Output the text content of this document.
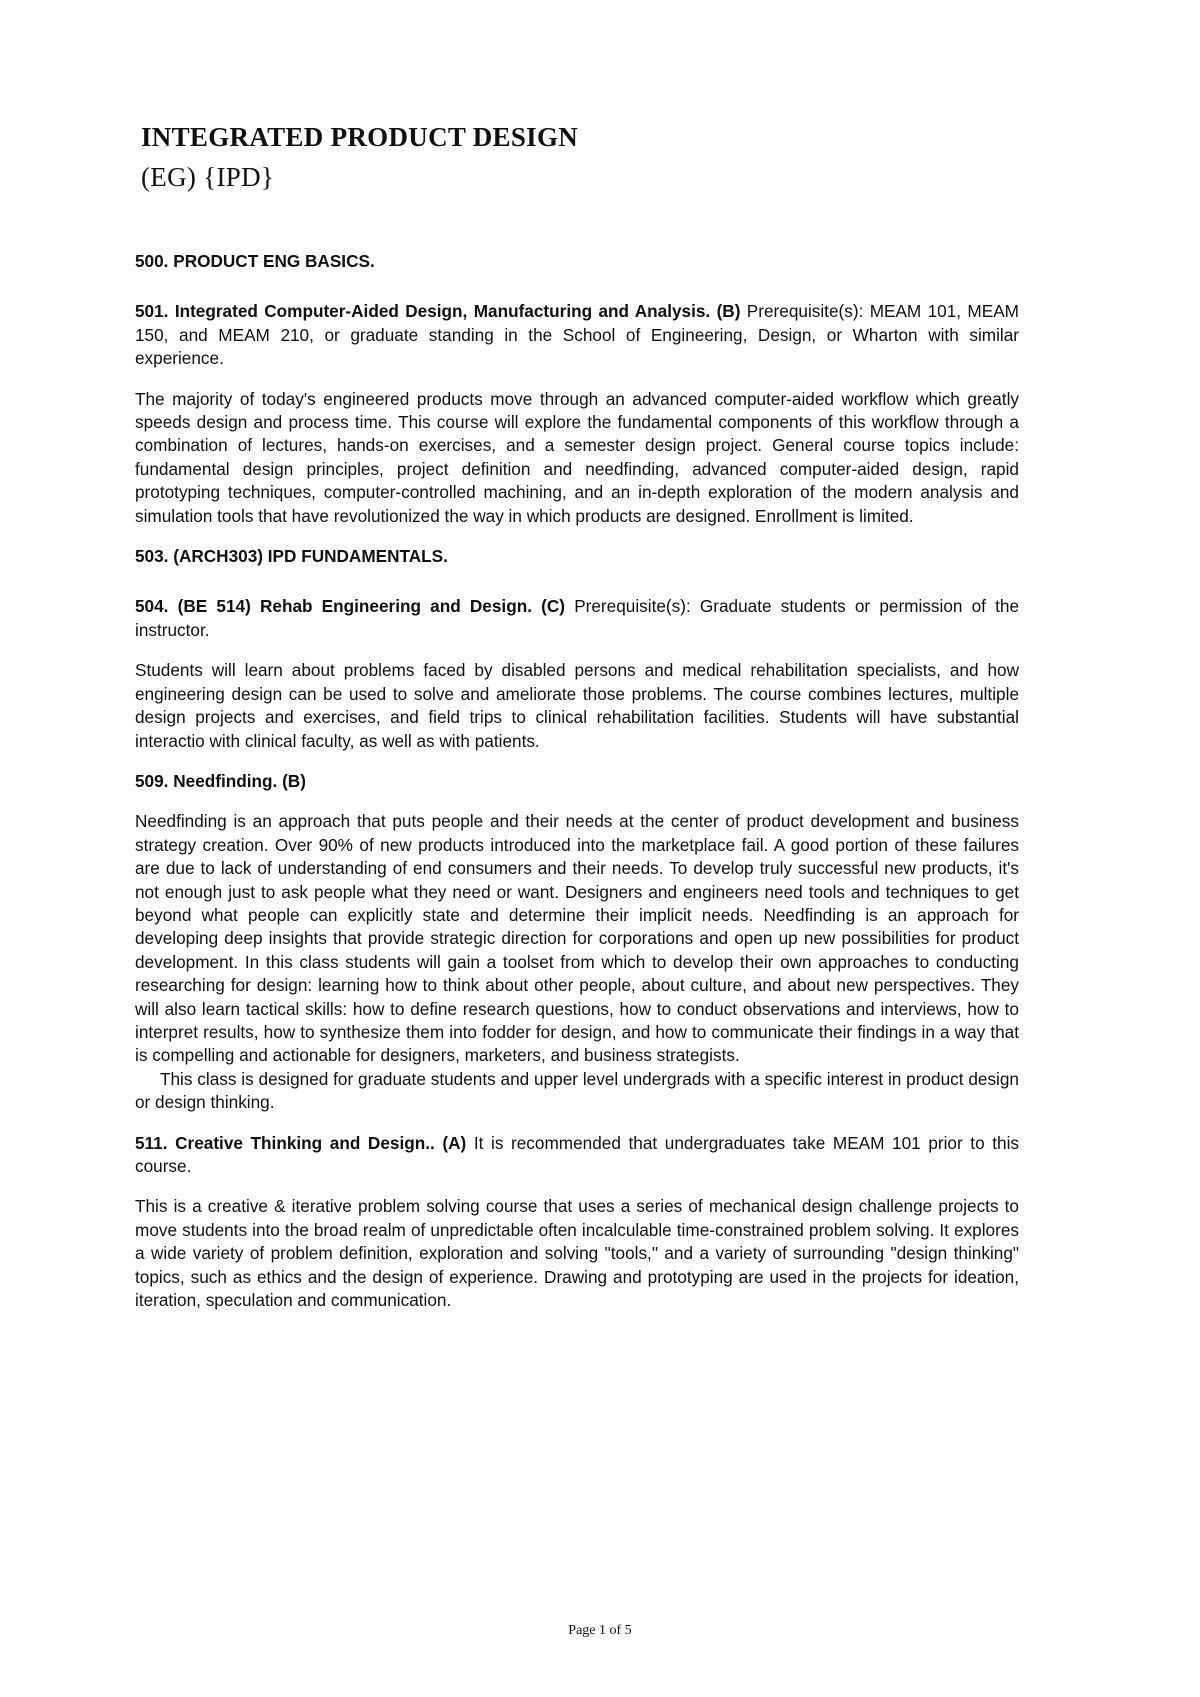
INTEGRATED PRODUCT DESIGN
(EG) {IPD}

500. PRODUCT ENG BASICS.

501. Integrated Computer-Aided Design, Manufacturing and Analysis. (B) Prerequisite(s): MEAM 101, MEAM 150, and MEAM 210, or graduate standing in the School of Engineering, Design, or Wharton with similar experience.

The majority of today's engineered products move through an advanced computer-aided workflow which greatly speeds design and process time. This course will explore the fundamental components of this workflow through a combination of lectures, hands-on exercises, and a semester design project. General course topics include: fundamental design principles, project definition and needfinding, advanced computer-aided design, rapid prototyping techniques, computer-controlled machining, and an in-depth exploration of the modern analysis and simulation tools that have revolutionized the way in which products are designed. Enrollment is limited.

503. (ARCH303) IPD FUNDAMENTALS.

504. (BE 514) Rehab Engineering and Design. (C) Prerequisite(s): Graduate students or permission of the instructor.

Students will learn about problems faced by disabled persons and medical rehabilitation specialists, and how engineering design can be used to solve and ameliorate those problems. The course combines lectures, multiple design projects and exercises, and field trips to clinical rehabilitation facilities. Students will have substantial interactio with clinical faculty, as well as with patients.

509. Needfinding. (B)

Needfinding is an approach that puts people and their needs at the center of product development and business strategy creation. Over 90% of new products introduced into the marketplace fail. A good portion of these failures are due to lack of understanding of end consumers and their needs. To develop truly successful new products, it's not enough just to ask people what they need or want. Designers and engineers need tools and techniques to get beyond what people can explicitly state and determine their implicit needs. Needfinding is an approach for developing deep insights that provide strategic direction for corporations and open up new possibilities for product development. In this class students will gain a toolset from which to develop their own approaches to conducting researching for design: learning how to think about other people, about culture, and about new perspectives. They will also learn tactical skills: how to define research questions, how to conduct observations and interviews, how to interpret results, how to synthesize them into fodder for design, and how to communicate their findings in a way that is compelling and actionable for designers, marketers, and business strategists.

This class is designed for graduate students and upper level undergrads with a specific interest in product design or design thinking.

511. Creative Thinking and Design.. (A) It is recommended that undergraduates take MEAM 101 prior to this course.

This is a creative & iterative problem solving course that uses a series of mechanical design challenge projects to move students into the broad realm of unpredictable often incalculable time-constrained problem solving. It explores a wide variety of problem definition, exploration and solving "tools," and a variety of surrounding "design thinking" topics, such as ethics and the design of experience. Drawing and prototyping are used in the projects for ideation, iteration, speculation and communication.

Page 1 of 5
